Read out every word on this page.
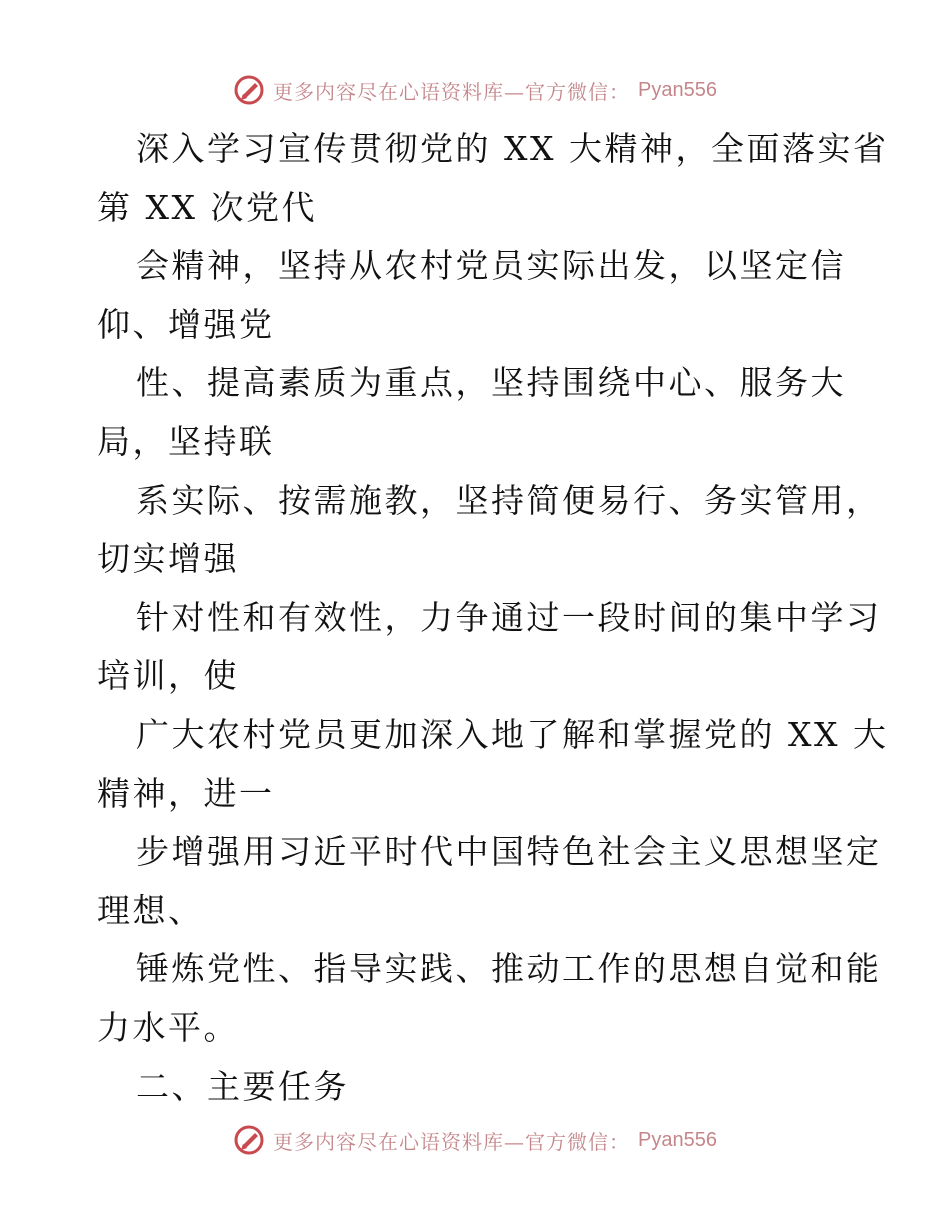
更多内容尽在心语资料库—官方微信： Pyan556
深入学习宣传贯彻党的 XX 大精神，全面落实省
第 XX 次党代
会精神，坚持从农村党员实际出发，以坚定信
仰、增强党
性、提高素质为重点，坚持围绕中心、服务大
局，坚持联
系实际、按需施教，坚持简便易行、务实管用，
切实增强
针对性和有效性，力争通过一段时间的集中学习
培训，使
广大农村党员更加深入地了解和掌握党的 XX 大
精神，进一
步增强用习近平时代中国特色社会主义思想坚定
理想、
锤炼党性、指导实践、推动工作的思想自觉和能
力水平。
二、主要任务
更多内容尽在心语资料库—官方微信： Pyan556
